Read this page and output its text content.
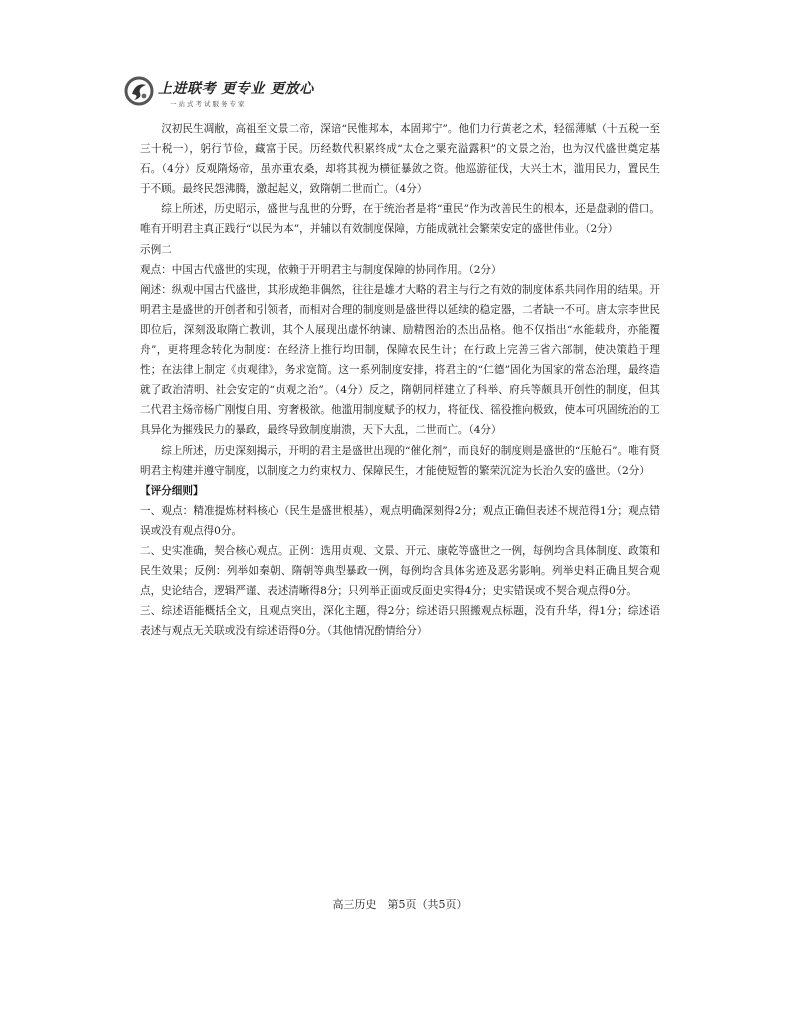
上进联考 更专业 更放心
一站式考试服务专家

汉初民生凋敝，高祖至文景二帝，深谙“民惟邦本，本固邦宁”。他们力行黄老之术，轻徭薄赋（十五税一至三十税一），躬行节俭，藏富于民。历经数代积累终成“太仓之粟充溢露积”的文景之治，也为汉代盛世奠定基石。（4分）反观隋炀帝，虽亦重农桑，却将其视为横征暴敛之资。他巡游征伐，大兴土木，滥用民力，置民生于不顾。最终民怨沸腾，激起起义，致隋朝二世而亡。（4分）

综上所述，历史昭示，盛世与乱世的分野，在于统治者是将“重民”作为改善民生的根本，还是盘剥的借口。唯有开明君主真正践行“以民为本”，并辅以有效制度保障，方能成就社会繁荣安定的盛世伟业。（2分）

示例二

观点：中国古代盛世的实现，依赖于开明君主与制度保障的协同作用。（2分）

阐述：纵观中国古代盛世，其形成绝非偶然，往往是雄才大略的君主与行之有效的制度体系共同作用的结果。开明君主是盛世的开创者和引领者，而相对合理的制度则是盛世得以延续的稳定器，二者缺一不可。唐太宗李世民即位后，深刻汲取隋亡教训，其个人展现出虚怀纳谏、励精图治的杰出品格。他不仅指出“水能载舟，亦能覆舟”，更将理念转化为制度：在经济上推行均田制，保障农民生计；在行政上完善三省六部制，使决策趋于理性；在法律上制定《贞观律》，务求宽简。这一系列制度安排，将君主的“仁德”固化为国家的常态治理，最终造就了政治清明、社会安定的“贞观之治”。（4分）反之，隋朝同样建立了科举、府兵等颇具开创性的制度，但其二代君主炀帝杨广刚愎自用、穷奢极欲。他滥用制度赋予的权力，将征伐、徭役推向极致，使本可巩固统治的工具异化为摧残民力的暴政，最终导致制度崩溃，天下大乱，二世而亡。（4分）

综上所述，历史深刻揭示，开明的君主是盛世出现的“催化剂”，而良好的制度则是盛世的“压舱石”。唯有贤明君主构建并遵守制度，以制度之力约束权力、保障民生，才能使短暂的繁荣沉淀为长治久安的盛世。（2分）

【评分细则】

一、观点：精准提炼材料核心（民生是盛世根基），观点明确深刻得2分；观点正确但表述不规范得1分；观点错误或没有观点得0分。

二、史实准确，契合核心观点。正例：选用贞观、文景、开元、康乾等盛世之一例，每例均含具体制度、政策和民生效果；反例：列举如秦朝、隋朝等典型暴政一例，每例均含具体劣迹及恶劣影响。列举史料正确且契合观点，史论结合，逻辑严谨、表述清晰得8分；只列举正面或反面史实得4分；史实错误或不契合观点得0分。

三、综述语能概括全文，且观点突出，深化主题，得2分；综述语只照搬观点标题，没有升华，得1分；综述语表述与观点无关联或没有综述语得0分。（其他情况酌情给分）

高三历史　第5页（共5页）
